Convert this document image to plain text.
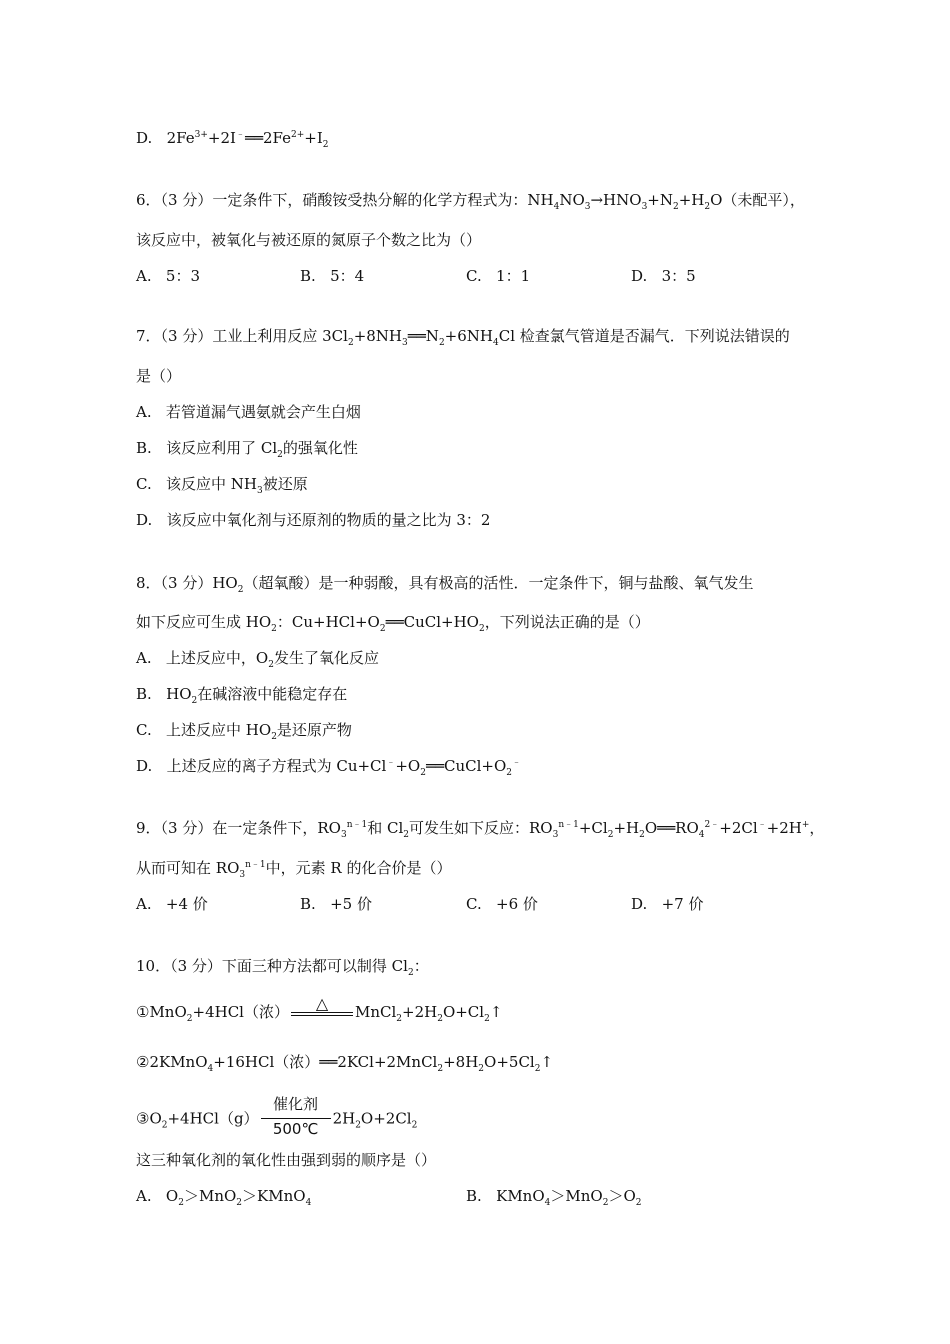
D. $2Fe^{3+}+2I^﹣══2Fe^{2+}+I_2$
6．（3 分）一定条件下，硝酸铵受热分解的化学方程式为：$NH_4NO_3\to HNO_3+N_2+H_2O$（未配平），
该反应中，被氧化与被还原的氮原子个数之比为（）
A. 5：3	B. 5：4	C. 1：1	D. 3：5
7．（3 分）工业上利用反应 $3Cl_2+8NH_3══N_2+6NH_4Cl$ 检查氯气管道是否漏气．下列说法错误的
是（）
A. 若管道漏气遇氨就会产生白烟
B. 该反应利用了 $Cl_2$的强氧化性
C. 该反应中 $NH_3$被还原
D. 该反应中氧化剂与还原剂的物质的量之比为 3：2
8．（3 分）$HO_2$（超氧酸）是一种弱酸，具有极高的活性．一定条件下，铜与盐酸、氧气发生
如下反应可生成 $HO_2$：$Cu+HCl+O_2══CuCl+HO_2$，下列说法正确的是（）
A. 上述反应中，$O_2$发生了氧化反应
B. $HO_2$在碱溶液中能稳定存在
C. 上述反应中 $HO_2$是还原产物
D. 上述反应的离子方程式为 $Cu+Cl^﹣+O_2══CuCl+O_2^﹣$
9．（3 分）在一定条件下，$RO_3^{n﹣1}$和 $Cl_2$可发生如下反应：$RO_3^{n﹣1}+Cl_2+H_2O══RO_4^{2﹣}+2Cl^﹣+2H^+$，
从而可知在 $RO_3^{n﹣1}$中，元素 R 的化合价是（）
A. +4 价	B. +5 价	C. +6 价	D. +7 价
10．（3 分）下面三种方法都可以制得 $Cl_2$：
①MnO$_2$+4HCl（浓）	△	$MnCl_2+2H_2O+Cl_2↑$
②2KMnO$_4$+16HCl（浓）$══2KCl+2MnCl_2+8H_2O+5Cl_2↑$
$③O_2+4HCl(g)$
催化剂
500℃
$2H_2O+2Cl_2$
这三种氧化剂的氧化性由强到弱的顺序是（）
A. $O_2>MnO_2>KMnO_4$	B. $KMnO_4>MnO_2>O_2$
